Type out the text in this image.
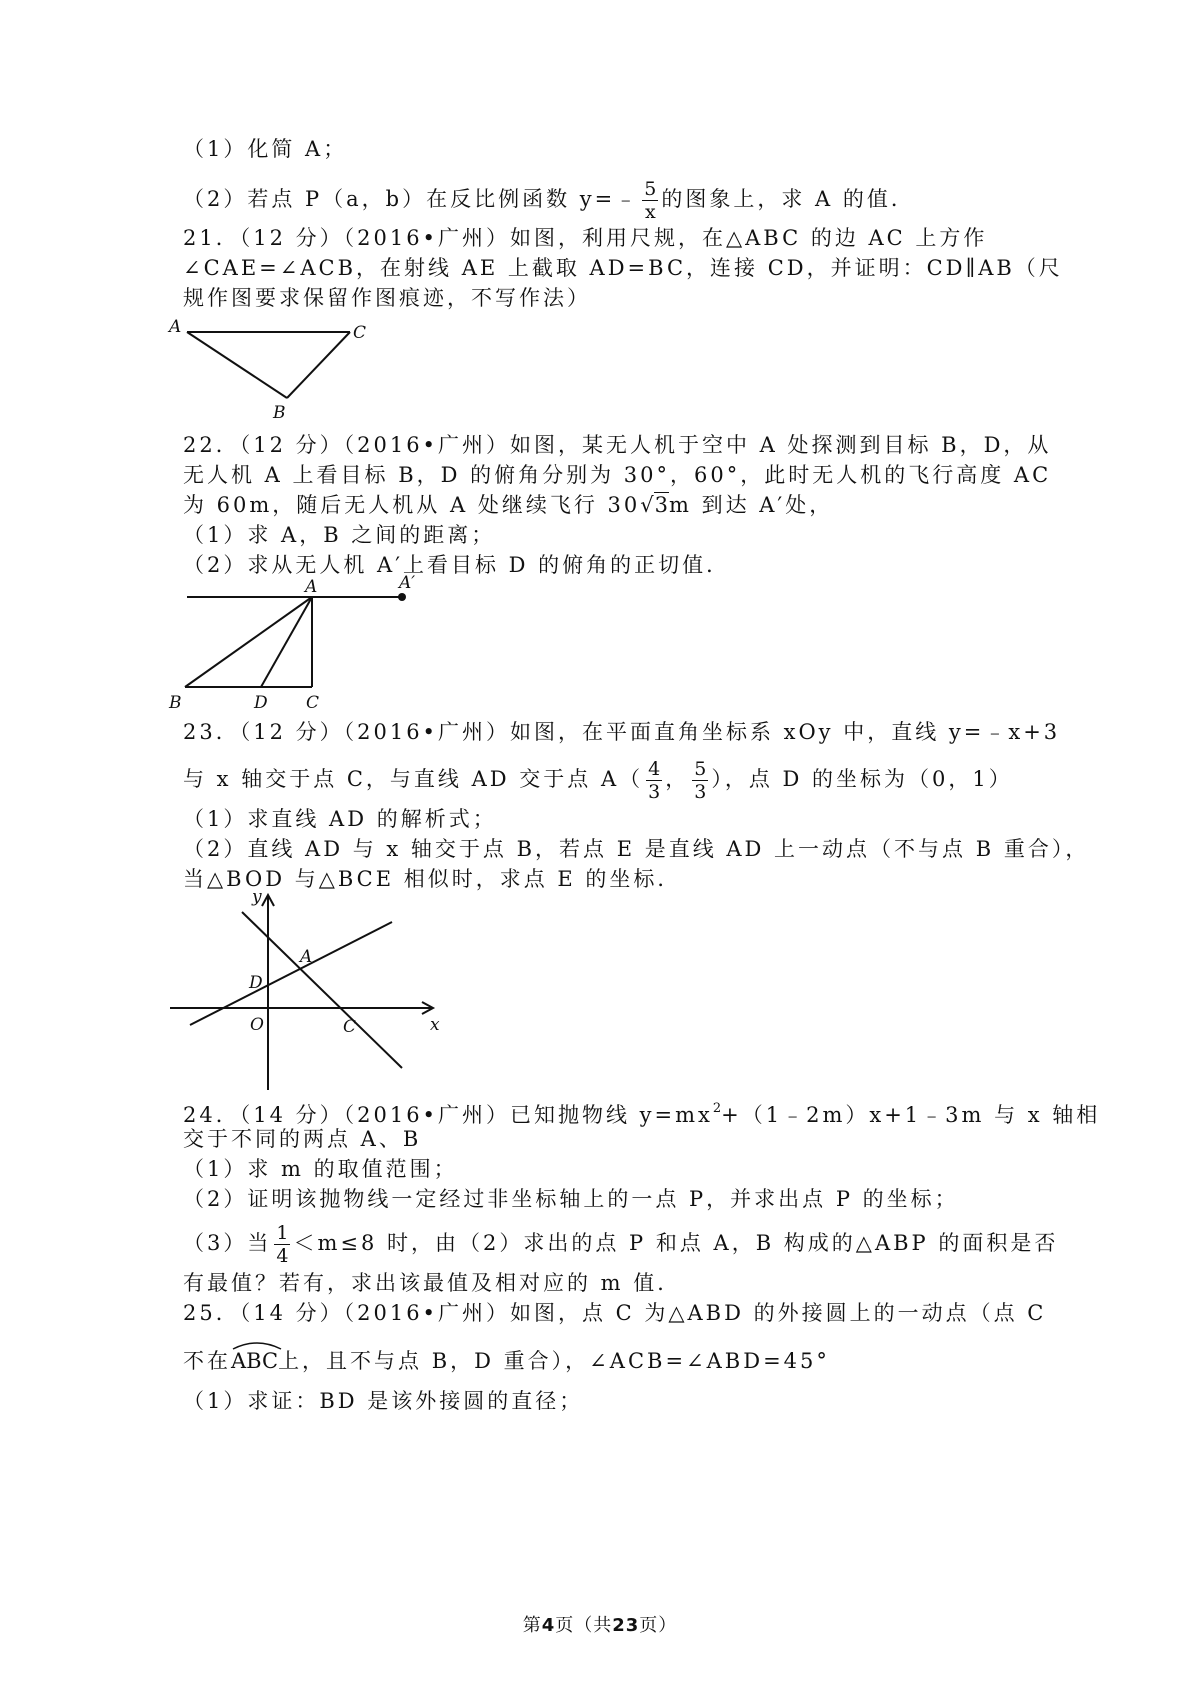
（1）化简 A；
（2）若点 P（a，b）在反比例函数 y=﹣ $\frac{5}{x}$ 的图象上，求 A 的值．
21．（12 分）（2016•广州）如图，利用尺规，在△ABC 的边 AC 上方作
∠CAE=∠ACB，在射线 AE 上截取 AD=BC，连接 CD，并证明：CD∥AB（尺
规作图要求保留作图痕迹，不写作法）
A	C
B
22．（12 分）（2016•广州）如图，某无人机于空中 A 处探测到目标 B，D，从
无人机 A 上看目标 B，D 的俯角分别为 30°，60°，此时无人机的飞行高度 AC
为 60m，随后无人机从 A 处继续飞行 30√3m 到达 A′处，
（1）求 A，B 之间的距离；
（2）求从无人机 A′上看目标 D 的俯角的正切值．
A	A′
B	D C
23．（12 分）（2016•广州）如图，在平面直角坐标系 xOy 中，直线 y=﹣x+3
与 x 轴交于点 C，与直线 AD 交于点 $A( \frac{4}{3}$ ， $\frac{5}{3}$ ），点 D 的坐标为（0，1）
（1）求直线 AD 的解析式；
（2）直线 AD 与 x 轴交于点 B，若点 E 是直线 AD 上一动点（不与点 B 重合），
当△BOD 与△BCE 相似时，求点 E 的坐标．
y
x
A
D
O	C
24．（14 分）（2016•广州）已知抛物线 $y=mx^2+(1﹣2m)x+1﹣3m$ 与 x 轴相
交于不同的两点 A、B
（1）求 m 的取值范围；
（2）证明该抛物线一定经过非坐标轴上的一点 P，并求出点 P 的坐标；
（3）当 $\frac{1}{4} <m\le 8$ 时，由（2）求出的点 P 和点 A，B 构成的△ABP 的面积是否
有最值？若有，求出该最值及相对应的 m 值．
25．（14 分）（2016•广州）如图，点 C 为△ABD 的外接圆上的一动点（点 C
不在
ABC上，且不与点 B，D 重合），∠ACB=∠ABD=45°
（1）求证：BD 是该外接圆的直径；
第4页（共23页）
